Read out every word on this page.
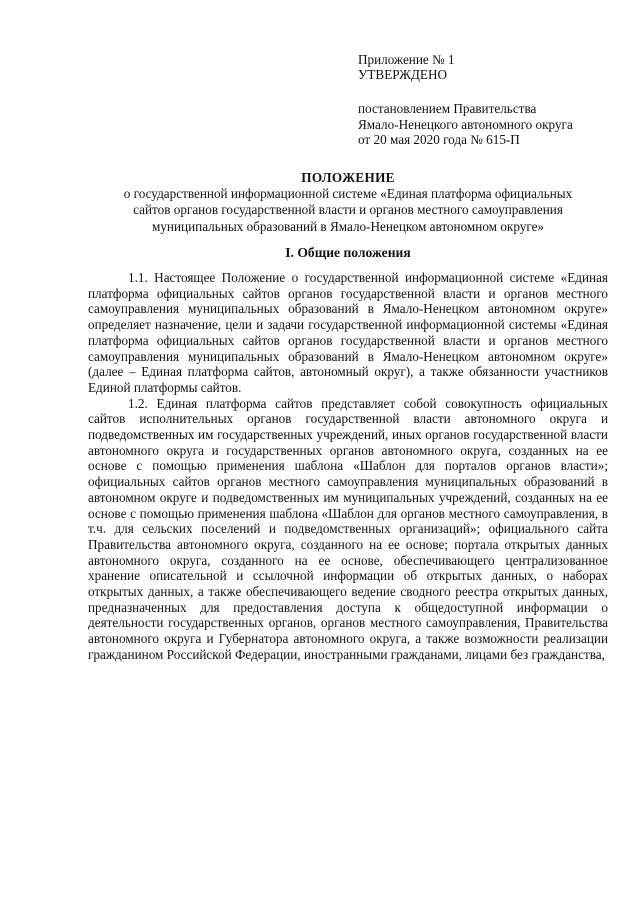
Приложение № 1
УТВЕРЖДЕНО
постановлением Правительства
Ямало-Ненецкого автономного округа
от 20 мая 2020 года № 615-П
ПОЛОЖЕНИЕ
о государственной информационной системе «Единая платформа официальных
сайтов органов государственной власти и органов местного самоуправления
муниципальных образований в Ямало-Ненецком автономном округе»
I. Общие положения

1.1. Настоящее Положение о государственной информационной системе «Единая платформа официальных сайтов органов государственной власти и органов местного самоуправления муниципальных образований в Ямало-Ненецком автономном округе» определяет назначение, цели и задачи государственной информационной системы «Единая платформа официальных сайтов органов государственной власти и органов местного самоуправления муниципальных образований в Ямало-Ненецком автономном округе» (далее – Единая платформа сайтов, автономный округ), а также обязанности участников Единой платформы сайтов.

1.2. Единая платформа сайтов представляет собой совокупность официальных сайтов исполнительных органов государственной власти автономного округа и подведомственных им государственных учреждений, иных органов государственной власти автономного округа и государственных органов автономного округа, созданных на ее основе с помощью применения шаблона «Шаблон для порталов органов власти»; официальных сайтов органов местного самоуправления муниципальных образований в автономном округе и подведомственных им муниципальных учреждений, созданных на ее основе с помощью применения шаблона «Шаблон для органов местного самоуправления, в т.ч. для сельских поселений и подведомственных организаций»; официального сайта Правительства автономного округа, созданного на ее основе; портала открытых данных автономного округа, созданного на ее основе, обеспечивающего централизованное хранение описательной и ссылочной информации об открытых данных, о наборах открытых данных, а также обеспечивающего ведение сводного реестра открытых данных, предназначенных для предоставления доступа к общедоступной информации о деятельности государственных органов, органов местного самоуправления, Правительства автономного округа и Губернатора автономного округа, а также возможности реализации гражданином Российской Федерации, иностранными гражданами, лицами без гражданства,
